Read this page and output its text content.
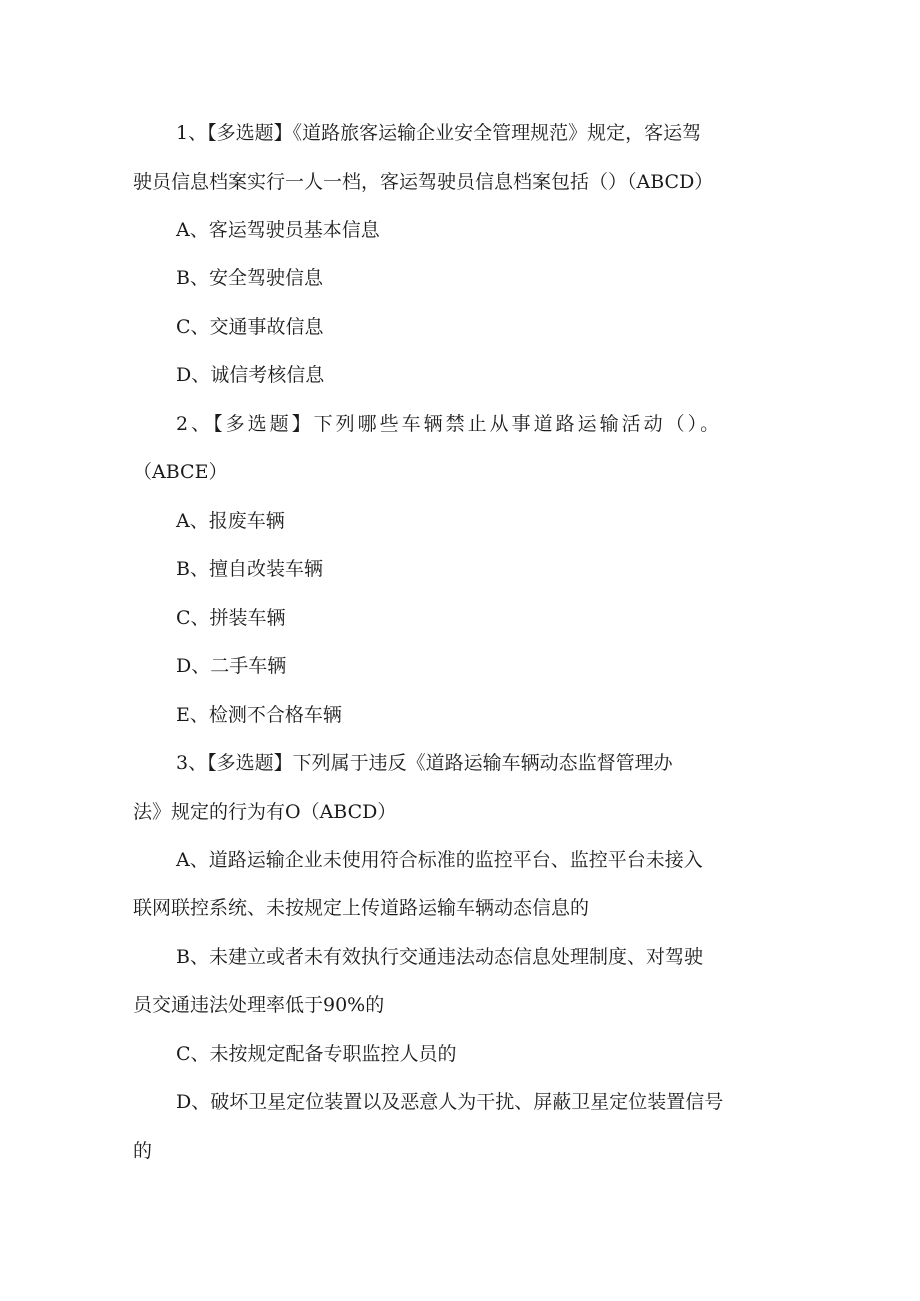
1、【多选题】《道路旅客运输企业安全管理规范》规定，客运驾
驶员信息档案实行一人一档，客运驾驶员信息档案包括（）（ABCD）
A、客运驾驶员基本信息
B、安全驾驶信息
C、交通事故信息
D、诚信考核信息
2、【多选题】下列哪些车辆禁止从事道路运输活动（）。
（ABCE）
A、报废车辆
B、擅自改装车辆
C、拼装车辆
D、二手车辆
E、检测不合格车辆
3、【多选题】下列属于违反《道路运输车辆动态监督管理办
法》规定的行为有O（ABCD）
A、道路运输企业未使用符合标准的监控平台、监控平台未接入
联网联控系统、未按规定上传道路运输车辆动态信息的
B、未建立或者未有效执行交通违法动态信息处理制度、对驾驶
员交通违法处理率低于90%的
C、未按规定配备专职监控人员的
D、破坏卫星定位装置以及恶意人为干扰、屏蔽卫星定位装置信号
的
